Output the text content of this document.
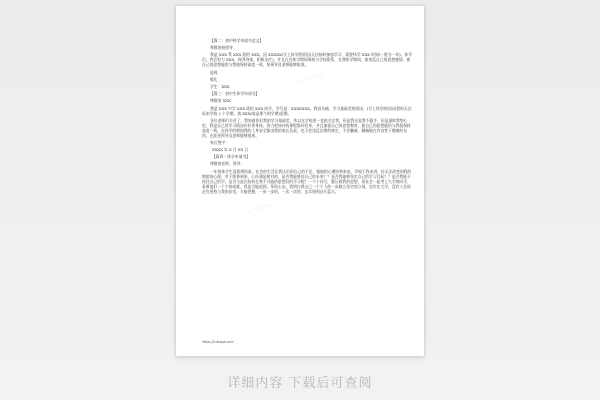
图片来源千图网
图片来源千图网

【篇二：初中休学申请书范文】

尊敬的校领导：

我是 XXX 系 XXX 班的 XXX。因 XXXXX(写上休学的原因)无法按时参加学习，需要休学 XXX 时间(一般为一年)。休学后，我会努力 XXX，保养身体，积极治疗)，并且在在休学期间保持与学校联系，在我休学期间，如违反自己的思想感情，使自己的思想能恰与我校保持高度一致，坚预导及老师能够批准。

此致

敬礼

学生：XXX

【篇三：初中生休学申请书】

尊敬的 XXX：

我是 XXX 中学 XXX 班的 XXX 同学，学号是：XXXXXXX。我因头痛、学习基础差的原因，(写上休学的原因)暂时无法再来学校 2 个学期，请 XXX(或是那个的学期)延期。

各位老师们辛苦了，我知道你们我的学习基础差，所以在学校里一直很关注我，但是我这是我不服手，但是最终我想心里，我是自己的学习情况好好养身体，努力把该补的课程都补回来，并且加强自己的思想教育，使自己的思想能恰与我校保持高度一致，在休学的期间我的人身安全都由我的家长负责，也不会违反法律的规定，不会触破，顺畅地在有良性下健康的东西，在此坚预导及老师能够批准。

家长签字：

XXXX 年 X 月 XX 日

【篇四：休学申请书】

尊敬的老师，领导：

一年的休学生涯即将结束，社会的生活让我认识到自己的不足，根据的心理协和来说，学校于我来讲，仿无法改变到我的期望的心理，对于即将到来，心怀满是相对的，是否我能够回自己的未来？？是否我能够坚定自己的学习目标？？是否我能不再往自己的学，是否与此比较何在我不可能的思想回的学习呢？一个个问号，疑压着我的思想，但社会一起考上大学的同学，看着他们一个个的成就，我是否能追到，坏的心态，我明白我自己一个个人的一步路么坚定的立场，也许在大学，没有人会再走在坚持与我的步伐，方能把握，一步一步的，一次一次的，去实现到这片蓝天。

https://tukuppt.com
详细内容 下载后可查阅
